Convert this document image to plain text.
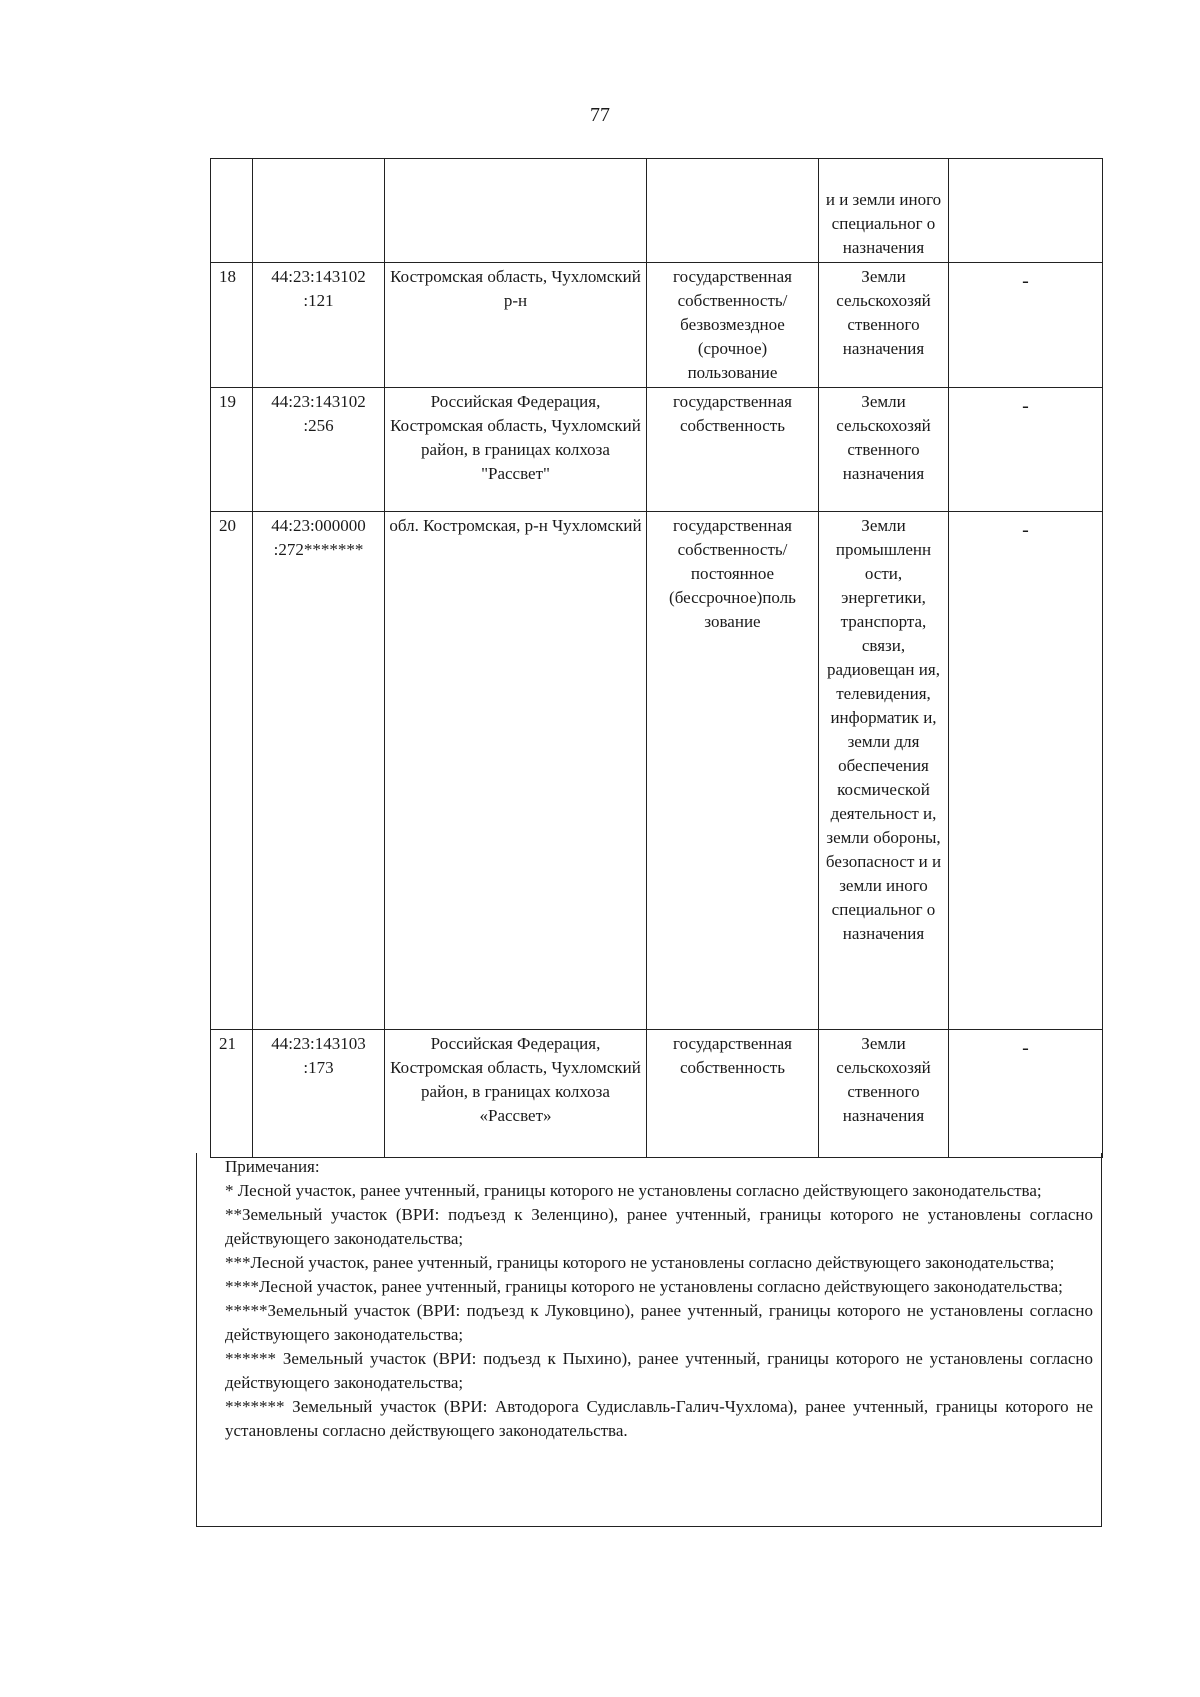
77
				и и земли иного специальног о назначения	
18	44:23:143102 :121	Костромская область, Чухломский р-н	государственная собственность/ безвозмездное (срочное) пользование	Земли сельскохозяй ственного назначения	-
19	44:23:143102 :256	Российская Федерация, Костромская область, Чухломский район, в границах колхоза "Рассвет"	государственная собственность	Земли сельскохозяй ственного назначения	-
20	44:23:000000 :272*******	обл. Костромская, р-н Чухломский	государственная собственность/ постоянное (бессрочное)поль зование	Земли промышленн ости, энергетики, транспорта, связи, радиовещан ия, телевидения, информатик и, земли для обеспечения космической деятельност и, земли обороны, безопасност и и земли иного специальног о назначения	-
21	44:23:143103 :173	Российская Федерация, Костромская область, Чухломский район, в границах колхоза «Рассвет»	государственная собственность	Земли сельскохозяй ственного назначения	-

Примечания:

* Лесной участок, ранее учтенный, границы которого не установлены согласно действующего законодательства;

**Земельный участок (ВРИ: подъезд к Зеленцино), ранее учтенный, границы которого не установлены согласно действующего законодательства;

***Лесной участок, ранее учтенный, границы которого не установлены согласно действующего законодательства;

****Лесной участок, ранее учтенный, границы которого не установлены согласно действующего законодательства;

*****Земельный участок (ВРИ: подъезд к Луковцино), ранее учтенный, границы которого не установлены согласно действующего законодательства;

****** Земельный участок (ВРИ: подъезд к Пыхино), ранее учтенный, границы которого не установлены согласно действующего законодательства;

******* Земельный участок (ВРИ: Автодорога Судиславль-Галич-Чухлома), ранее учтенный, границы которого не установлены согласно действующего законодательства.
